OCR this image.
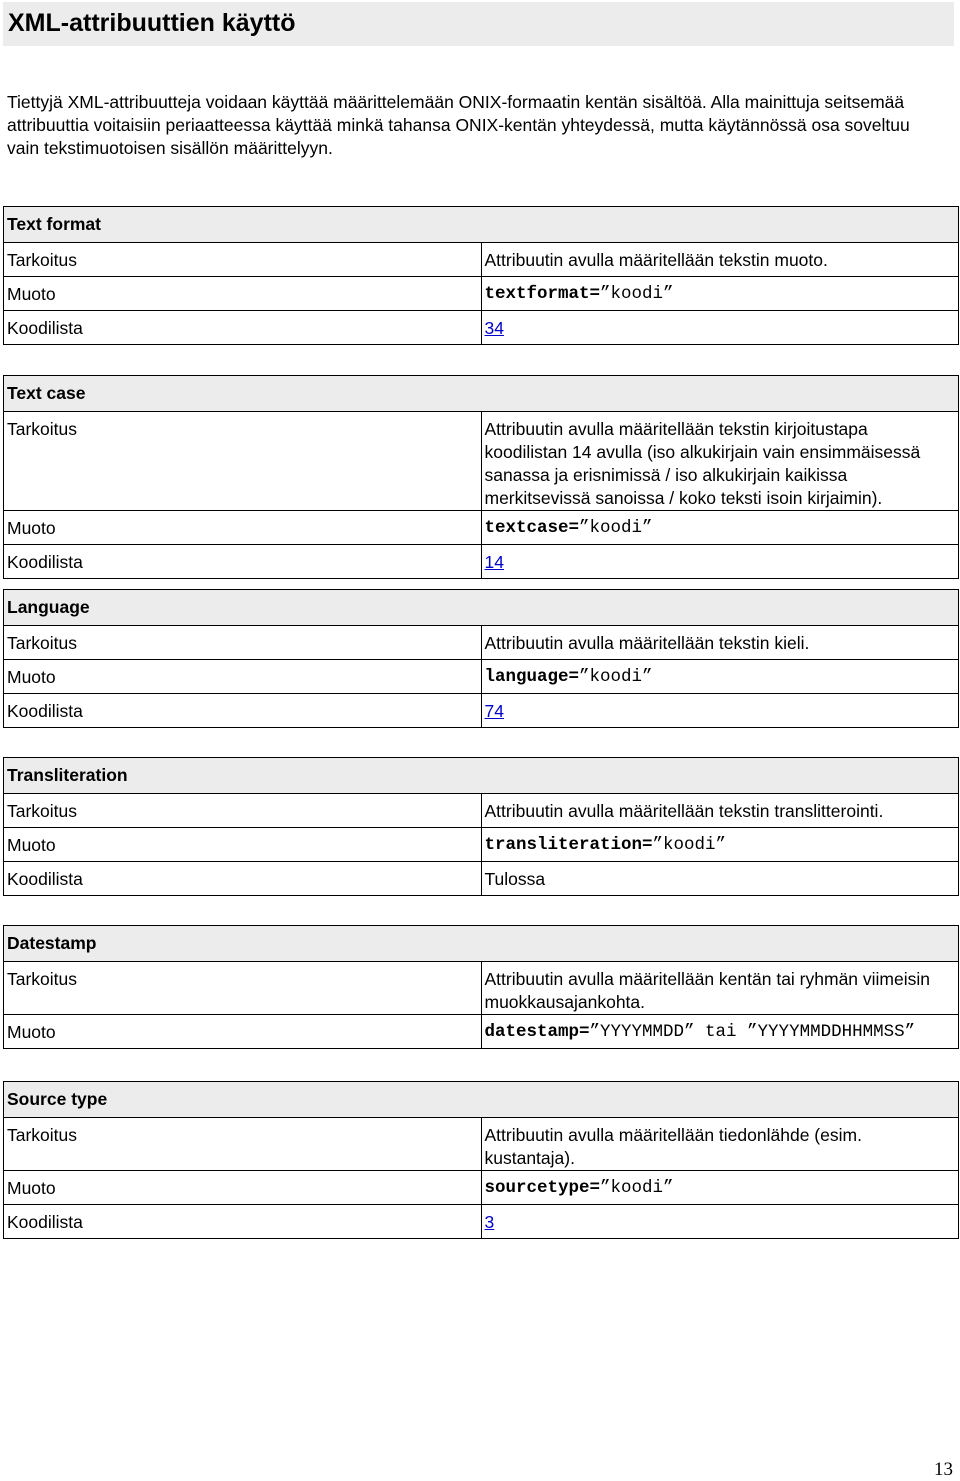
XML-attribuuttien käyttö

Tiettyjä XML-attribuutteja voidaan käyttää määrittelemään ONIX-formaatin kentän sisältöä. Alla mainittuja seitsemää attribuuttia voitaisiin periaatteessa käyttää minkä tahansa ONIX-kentän yhteydessä, mutta käytännössä osa soveltuu vain tekstimuotoisen sisällön määrittelyyn.

Text format	
Tarkoitus	Attribuutin avulla määritellään tekstin muoto.
Muoto	textformat=”koodi”
Koodilista	34
Text case	
Tarkoitus	Attribuutin avulla määritellään tekstin kirjoitustapa koodilistan 14 avulla (iso alkukirjain vain ensimmäisessä sanassa ja erisnimissä / iso alkukirjain kaikissa merkitsevissä sanoissa / koko teksti isoin kirjaimin).
Muoto	textcase=”koodi”
Koodilista	14
Language	
Tarkoitus	Attribuutin avulla määritellään tekstin kieli.
Muoto	language=”koodi”
Koodilista	74
Transliteration	
Tarkoitus	Attribuutin avulla määritellään tekstin translitterointi.
Muoto	transliteration=”koodi”
Koodilista	Tulossa
Datestamp	
Tarkoitus	Attribuutin avulla määritellään kentän tai ryhmän viimeisin muokkausajankohta.
Muoto	datestamp=”YYYYMMDD” tai ”YYYYMMDDHHMMSS”
Source type	
Tarkoitus	Attribuutin avulla määritellään tiedonlähde (esim. kustantaja).
Muoto	sourcetype=”koodi”
Koodilista	3
13
